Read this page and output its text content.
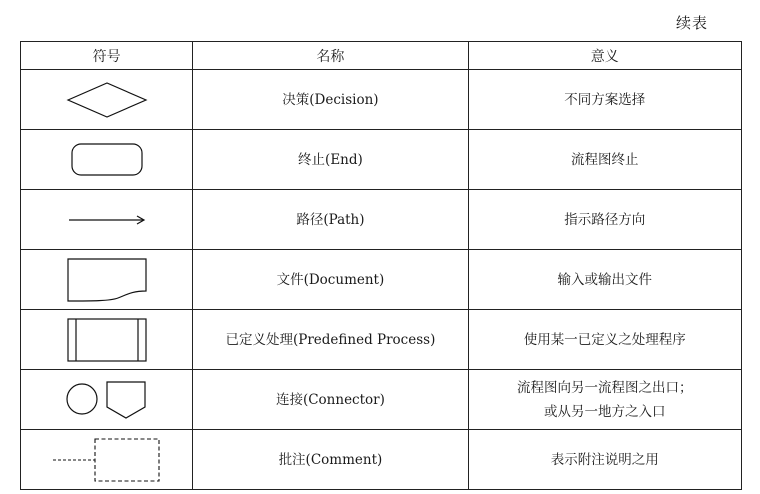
续表
符号	名称	意义

	决策(Decision)	不同方案选择

	终止(End)	流程图终止

	路径(Path)	指示路径方向

	文件(Document)	输入或输出文件

	已定义处理(Predefined Process)	使用某一已定义之处理程序

	连接(Connector)	流程图向另一流程图之出口；
或从另一地方之入口

	批注(Comment)	表示附注说明之用
